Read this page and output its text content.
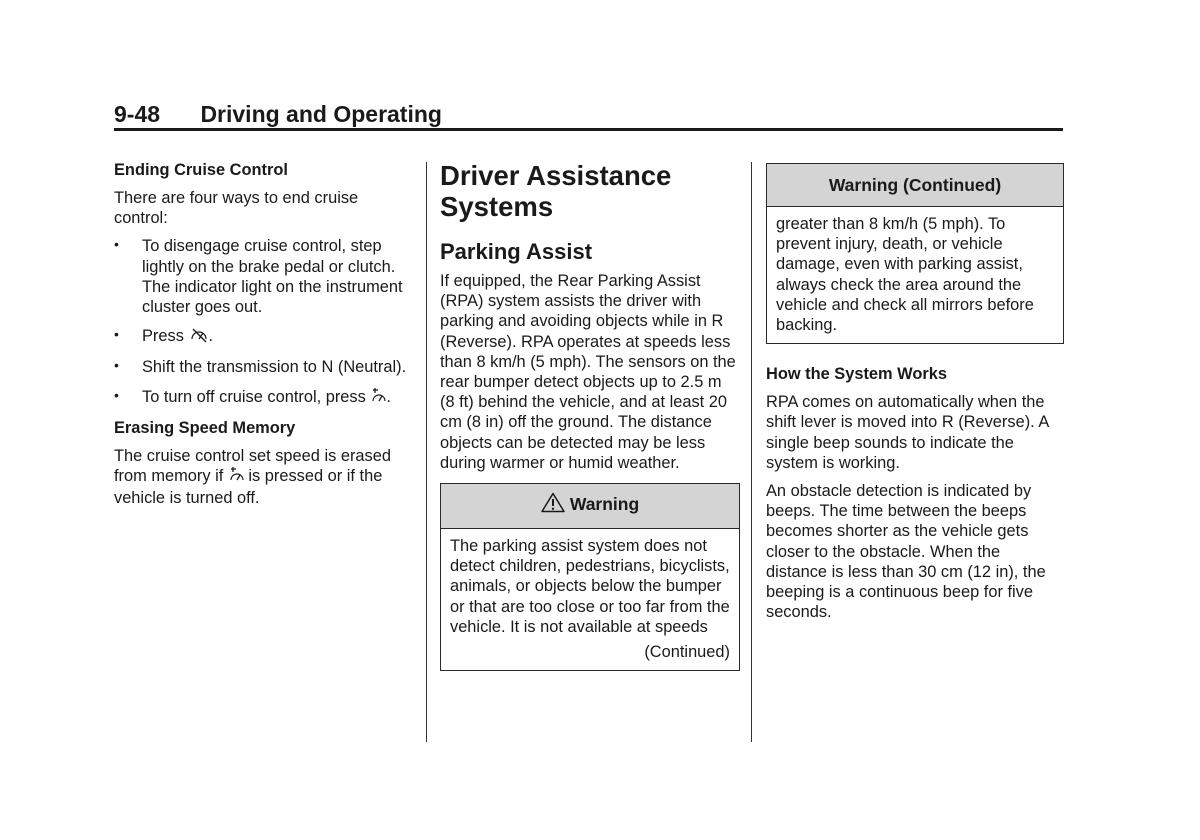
9-48 Driving and Operating
Ending Cruise Control

There are four ways to end cruise control:

• To disengage cruise control, step lightly on the brake pedal or clutch. The indicator light on the instrument cluster goes out.
• Press .
• Shift the transmission to N (Neutral).
• To turn off cruise control, press .
Erasing Speed Memory

The cruise control set speed is erased from memory if is pressed or if the vehicle is turned off.

Driver Assistance Systems
Parking Assist

If equipped, the Rear Parking Assist (RPA) system assists the driver with parking and avoiding objects while in R (Reverse). RPA operates at speeds less than 8 km/h (5 mph). The sensors on the rear bumper detect objects up to 2.5 m (8 ft) behind the vehicle, and at least 20 cm (8 in) off the ground. The distance objects can be detected may be less during warmer or humid weather.

Warning
The parking assist system does not detect children, pedestrians, bicyclists, animals, or objects below the bumper or that are too close or too far from the vehicle. It is not available at speeds
(Continued)
Warning (Continued)
greater than 8 km/h (5 mph). To prevent injury, death, or vehicle damage, even with parking assist, always check the area around the vehicle and check all mirrors before backing.
How the System Works

RPA comes on automatically when the shift lever is moved into R (Reverse). A single beep sounds to indicate the system is working.

An obstacle detection is indicated by beeps. The time between the beeps becomes shorter as the vehicle gets closer to the obstacle. When the distance is less than 30 cm (12 in), the beeping is a continuous beep for five seconds.
